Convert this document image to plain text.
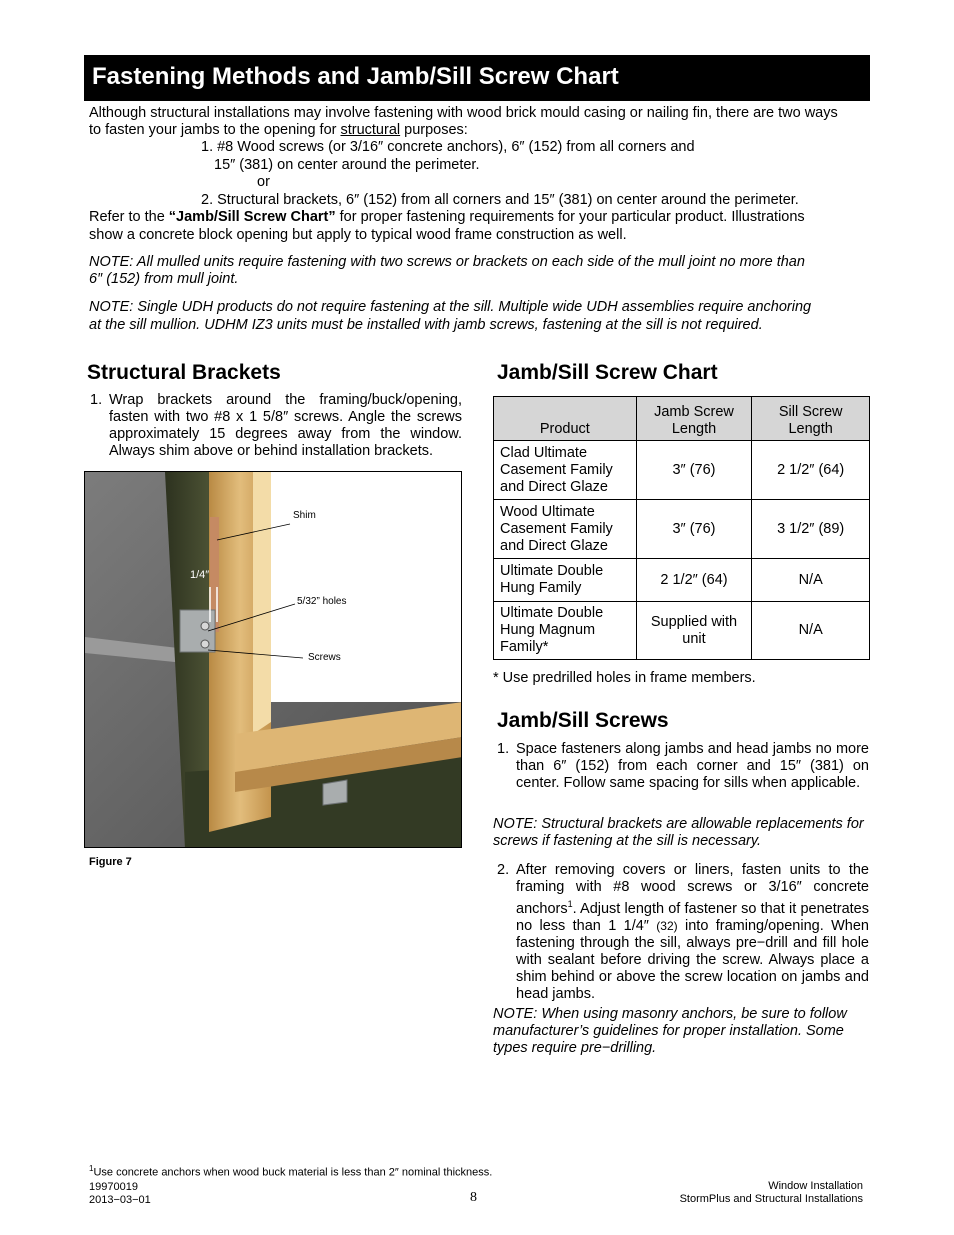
Fastening Methods and Jamb/Sill Screw Chart
Although structural installations may involve fastening with wood brick mould casing or nailing fin, there are two ways
to fasten your jambs to the opening for structural purposes:
1. #8 Wood screws (or 3/16″ concrete anchors), 6″ (152) from all corners and
15″ (381) on center around the perimeter.
or
2. Structural brackets, 6″ (152) from all corners and 15″ (381) on center around the perimeter.
Refer to the “Jamb/Sill Screw Chart” for proper fastening requirements for your particular product. Illustrations
show a concrete block opening but apply to typical wood frame construction as well.
NOTE: All mulled units require fastening with two screws or brackets on each side of the mull joint no more than
6″ (152) from mull joint.
NOTE: Single UDH products do not require fastening at the sill. Multiple wide UDH assemblies require anchoring
at the sill mullion. UDHM IZ3 units must be installed with jamb screws, fastening at the sill is not required.
Structural Brackets
1. Wrap brackets around the framing/buck/opening, fasten with two #8 x 1 5/8″ screws. Angle the screws approximately 15 degrees away from the window. Always shim above or behind installation brackets.
Shim
1/4″
5/32” holes
Screws
Figure 7
Jamb/Sill Screw Chart
Product	Jamb Screw Length	Sill Screw Length
Clad Ultimate Casement Family and Direct Glaze	3″ (76)	2 1/2″ (64)
Wood Ultimate Casement Family and Direct Glaze	3″ (76)	3 1/2″ (89)
Ultimate Double Hung Family	2 1/2″ (64)	N/A
Ultimate Double Hung Magnum Family*	Supplied with unit	N/A
* Use predrilled holes in frame members.
Jamb/Sill Screws
1. Space fasteners along jambs and head jambs no more than 6″ (152) from each corner and 15″ (381) on center. Follow same spacing for sills when applicable.
NOTE: Structural brackets are allowable replacements for screws if fastening at the sill is necessary.
2. After removing covers or liners, fasten units to the framing with #8 wood screws or 3/16″ concrete anchors$^1$. Adjust length of fastener so that it penetrates no less than 1 1/4″ (32) into framing/opening. When fastening through the sill, always pre−drill and fill hole with sealant before driving the screw. Always place a shim behind or above the screw location on jambs and head jambs.
NOTE: When using masonry anchors, be sure to follow manufacturer’s guidelines for proper installation. Some types require pre−drilling.
$^1$Use concrete anchors when wood buck material is less than 2″ nominal thickness.
19970019
2013−03−01	8
Window Installation
StormPlus and Structural Installations
